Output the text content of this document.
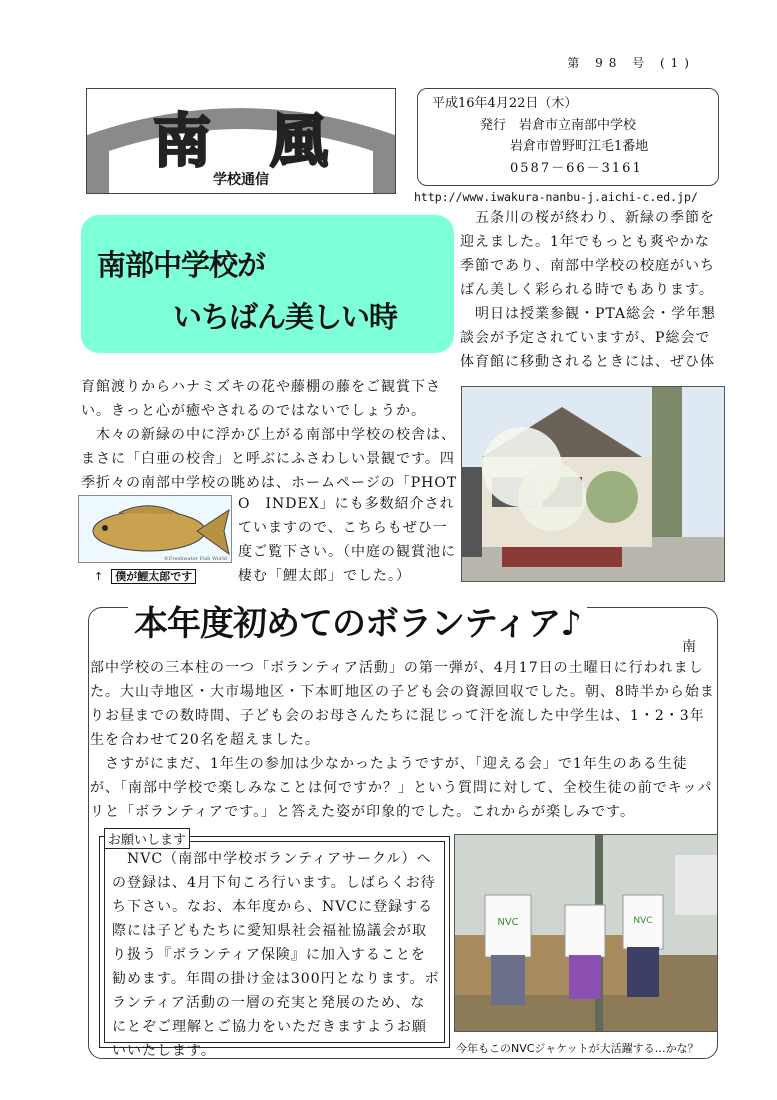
第 98 号 (1)
南 風
学校通信
平成16年4月22日（木）
発行　岩倉市立南部中学校
岩倉市曽野町江毛1番地
0587－66－3161
http://www.iwakura-nanbu-j.aichi-c.ed.jp/
南部中学校が
いちばん美しい時
　五条川の桜が終わり、新緑の季節を迎えました。1年でもっとも爽やかな季節であり、南部中学校の校庭がいちばん美しく彩られる時でもあります。
　明日は授業参観・PTA総会・学年懇談会が予定されていますが、P総会で体育館に移動されるときには、ぜひ体
育館渡りからハナミズキの花や藤棚の藤をご観賞下さい。きっと心が癒やされるのではないでしょうか。
　木々の新緑の中に浮かび上がる南部中学校の校舎は、まさに「白亜の校舎」と呼ぶにふさわしい景観です。四季折々の南部中学校の眺めは、ホームページの「PHOT
©Freshwater Fish World
↑ 僕が鯉太郎です
O　INDEX」にも多数紹介されていますので、こちらもぜひ一度ご覧下さい。（中庭の観賞池に棲む「鯉太郎」でした。）
本年度初めてのボランティア♪
南
部中学校の三本柱の一つ「ボランティア活動」の第一弾が、4月17日の土曜日に行われました。大山寺地区・大市場地区・下本町地区の子ども会の資源回収でした。朝、8時半から始まりお昼までの数時間、子ども会のお母さんたちに混じって汗を流した中学生は、1・2・3年生を合わせて20名を超えました。
　さすがにまだ、1年生の参加は少なかったようですが、「迎える会」で1年生のある生徒が、「南部中学校で楽しみなことは何ですか？」という質問に対して、全校生徒の前でキッパリと「ボランティアです。」と答えた姿が印象的でした。これからが楽しみです。
お願いします
　NVC（南部中学校ボランティアサークル）への登録は、4月下旬ころ行います。しばらくお待ち下さい。なお、本年度から、NVCに登録する際には子どもたちに愛知県社会福祉協議会が取り扱う『ボランティア保険』に加入することを勧めます。年間の掛け金は300円となります。ボランティア活動の一層の充実と発展のため、なにとぞご理解とご協力をいただきますようお願いいたします。
NVC	NVC
今年もこのNVCジャケットが大活躍する…かな？
